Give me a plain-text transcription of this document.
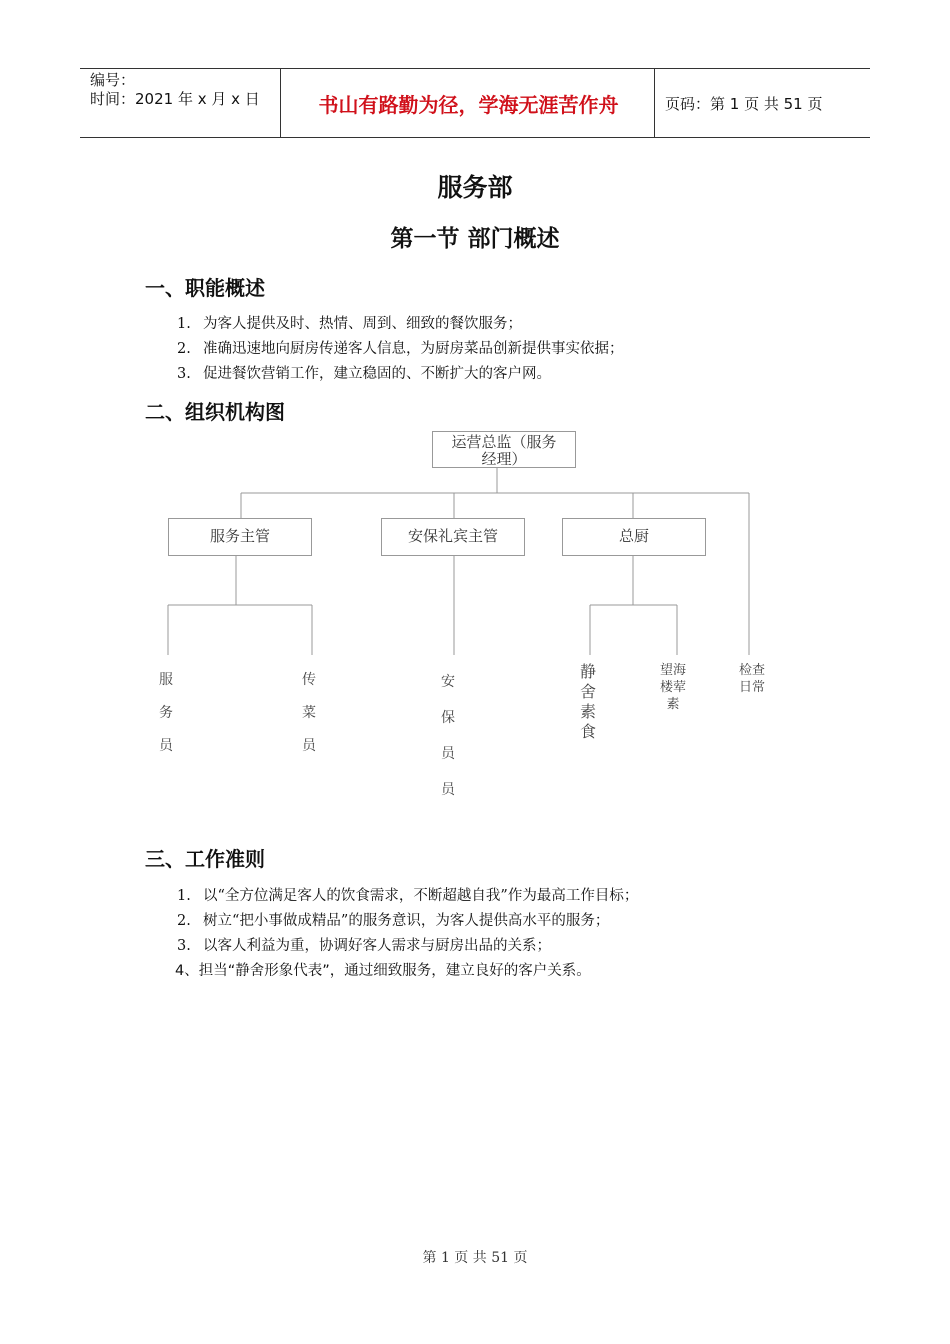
编号：
时间：2021 年 x 月 x 日	书山有路勤为径，学海无涯苦作舟	页码：第 1 页 共 51 页
服务部
第一节 部门概述
一、职能概述
1. 为客人提供及时、热情、周到、细致的餐饮服务；
2. 准确迅速地向厨房传递客人信息，为厨房菜品创新提供事实依据；
3. 促进餐饮营销工作，建立稳固的、不断扩大的客户网。
二、组织机构图
运营总监（服务
经理）
服务主管	安保礼宾主管	总厨
服
务
员
传
菜
员
安
保
员
员
静
舍
素
食
望海
楼荤
素
检查
日常
三、工作准则
1. 以“全方位满足客人的饮食需求，不断超越自我”作为最高工作目标；
2. 树立“把小事做成精品”的服务意识，为客人提供高水平的服务；
3. 以客人利益为重，协调好客人需求与厨房出品的关系；
4、担当“静舍形象代表”，通过细致服务，建立良好的客户关系。
第 1 页 共 51 页
